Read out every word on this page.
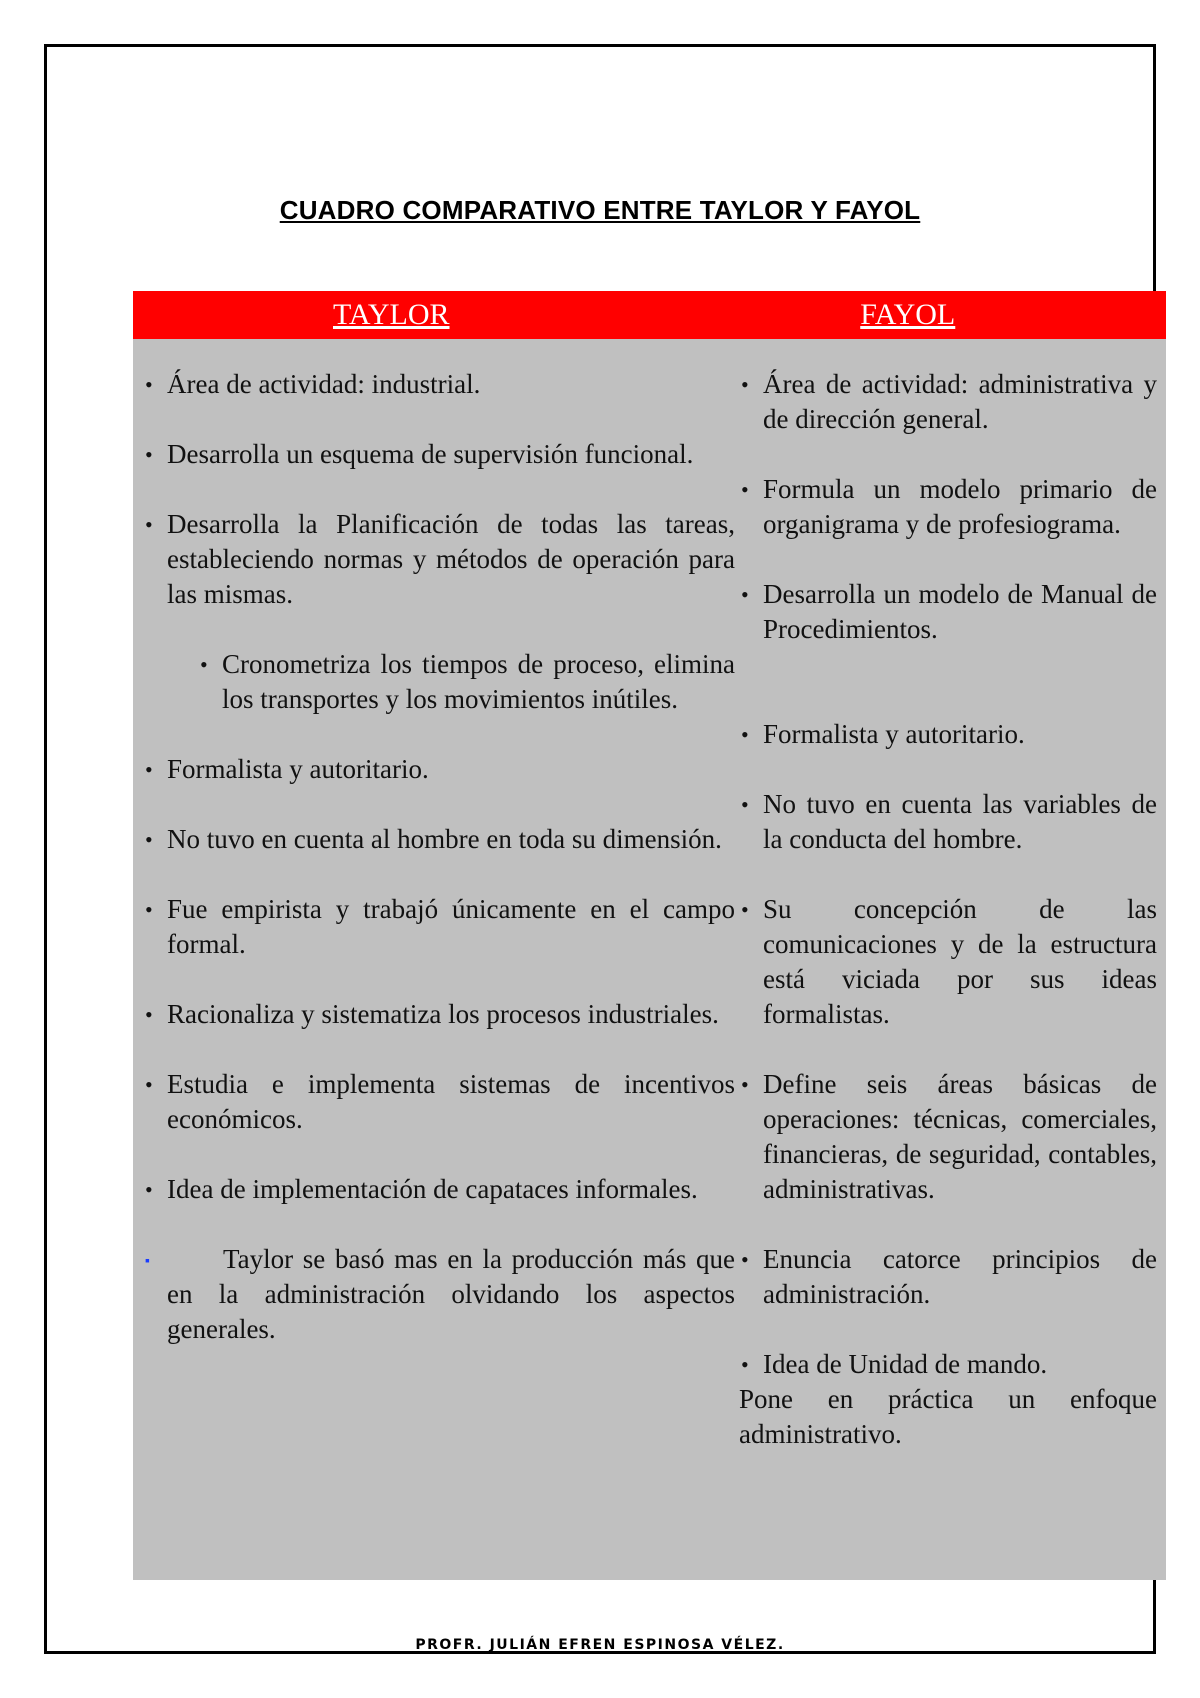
CUADRO COMPARATIVO ENTRE TAYLOR Y FAYOL
TAYLOR	FAYOL

• Área de actividad: industrial.

• Desarrolla un esquema de supervisión funcional.

• Desarrolla la Planificación de todas las tareas, estableciendo normas y métodos de operación para las mismas.

• Cronometriza los tiempos de proceso, elimina los transportes y los movimientos inútiles.

• Formalista y autoritario.

• No tuvo en cuenta al hombre en toda su dimensión.

• Fue empirista y trabajó únicamente en el campo formal.

• Racionaliza y sistematiza los procesos industriales.

• Estudia e implementa sistemas de incentivos económicos.

• Idea de implementación de capataces informales.

▪	Taylor se basó mas en la producción más que en la administración olvidando los aspectos generales.

• Área de actividad: administrativa y de dirección general.

• Formula un modelo primario de organigrama y de profesiograma.

• Desarrolla un modelo de Manual de Procedimientos.

• Formalista y autoritario.

• No tuvo en cuenta las variables de la conducta del hombre.

• Su concepción de las comunicaciones y de la estructura está viciada por sus ideas formalistas.

• Define seis áreas básicas de operaciones: técnicas, comerciales, financieras, de seguridad, contables, administrativas.

• Enuncia catorce principios de administración.

• Idea de Unidad de mando.

Pone en práctica un enfoque administrativo.

PROFR. JULIÁN EFREN ESPINOSA VÉLEZ.
